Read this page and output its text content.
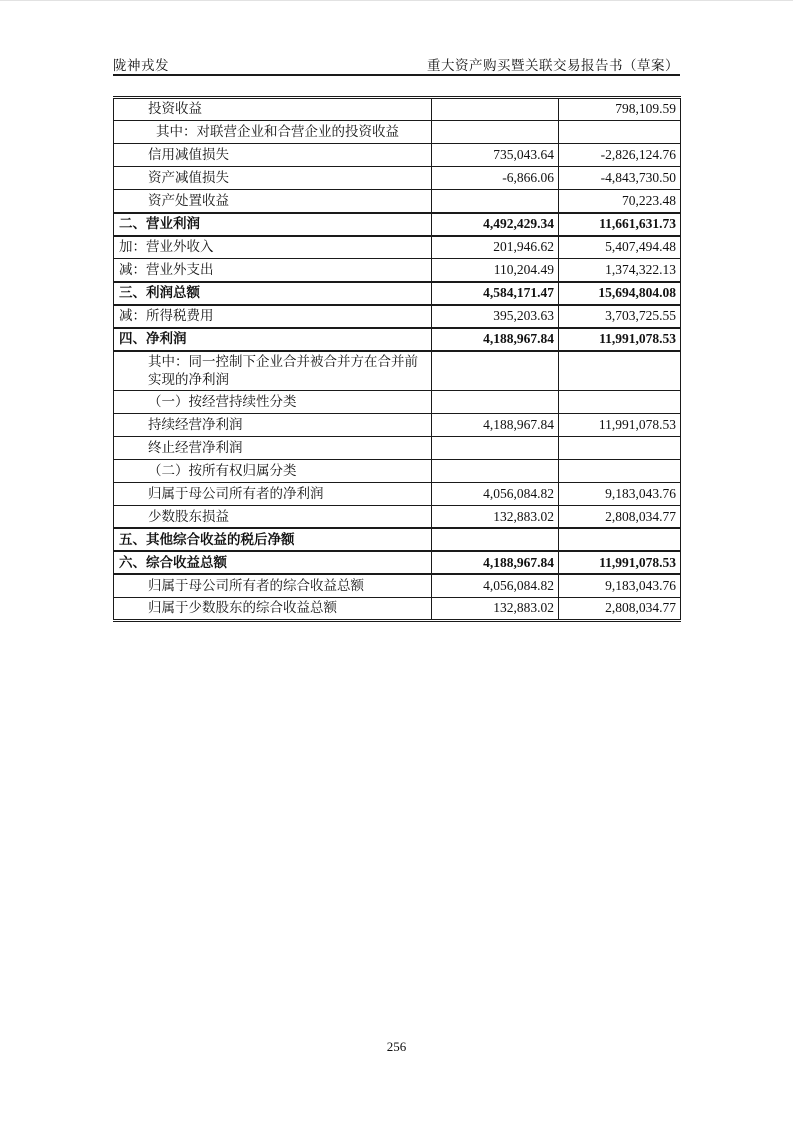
陇神戎发	重大资产购买暨关联交易报告书（草案）
投资收益		798,109.59
其中：对联营企业和合营企业的投资收益		
信用减值损失	735,043.64	-2,826,124.76
资产减值损失	-6,866.06	-4,843,730.50
资产处置收益		70,223.48
二、营业利润	4,492,429.34	11,661,631.73
加：营业外收入	201,946.62	5,407,494.48
减：营业外支出	110,204.49	1,374,322.13
三、利润总额	4,584,171.47	15,694,804.08
减：所得税费用	395,203.63	3,703,725.55
四、净利润	4,188,967.84	11,991,078.53
其中：同一控制下企业合并被合并方在合并前实现的净利润		
（一）按经营持续性分类		
持续经营净利润	4,188,967.84	11,991,078.53
终止经营净利润		
（二）按所有权归属分类		
归属于母公司所有者的净利润	4,056,084.82	9,183,043.76
少数股东损益	132,883.02	2,808,034.77
五、其他综合收益的税后净额		
六、综合收益总额	4,188,967.84	11,991,078.53
归属于母公司所有者的综合收益总额	4,056,084.82	9,183,043.76
归属于少数股东的综合收益总额	132,883.02	2,808,034.77
256
